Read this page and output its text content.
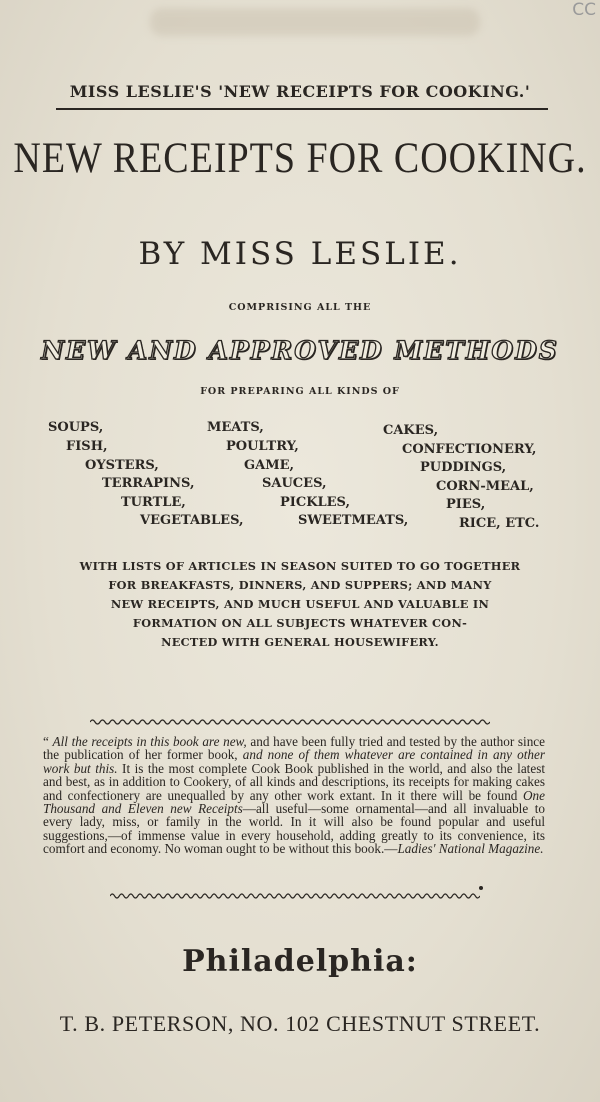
CC
MISS LESLIE'S 'NEW RECEIPTS FOR COOKING.'
NEW RECEIPTS FOR COOKING.
BY MISS LESLIE.
COMPRISING ALL THE
NEW AND APPROVED METHODS
FOR PREPARING ALL KINDS OF
SOUPS,
FISH,
OYSTERS,
TERRAPINS,
TURTLE,
VEGETABLES,
MEATS,
POULTRY,
GAME,
SAUCES,
PICKLES,
SWEETMEATS,
CAKES,
CONFECTIONERY,
PUDDINGS,
CORN-MEAL,
PIES,
RICE, ETC.
WITH LISTS OF ARTICLES IN SEASON SUITED TO GO TOGETHER
FOR BREAKFASTS, DINNERS, AND SUPPERS; AND MANY
NEW RECEIPTS, AND MUCH USEFUL AND VALUABLE IN
FORMATION ON ALL SUBJECTS WHATEVER CON-
NECTED WITH GENERAL HOUSEWIFERY.
“ All the receipts in this book are new, and have been fully tried and tested by the author since the publication of her former book, and none of them whatever are contained in any other work but this. It is the most complete Cook Book published in the world, and also the latest and best, as in addition to Cookery, of all kinds and descriptions, its receipts for making cakes and confectionery are unequalled by any other work extant. In it there will be found One Thousand and Eleven new Receipts—all useful—some ornamental—and all invaluable to every lady, miss, or family in the world. In it will also be found popular and useful suggestions,—of immense value in every household, adding greatly to its convenience, its comfort and economy. No woman ought to be without this book.—Ladies' National Magazine.
Philadelphia:
T. B. PETERSON, NO. 102 CHESTNUT STREET.
